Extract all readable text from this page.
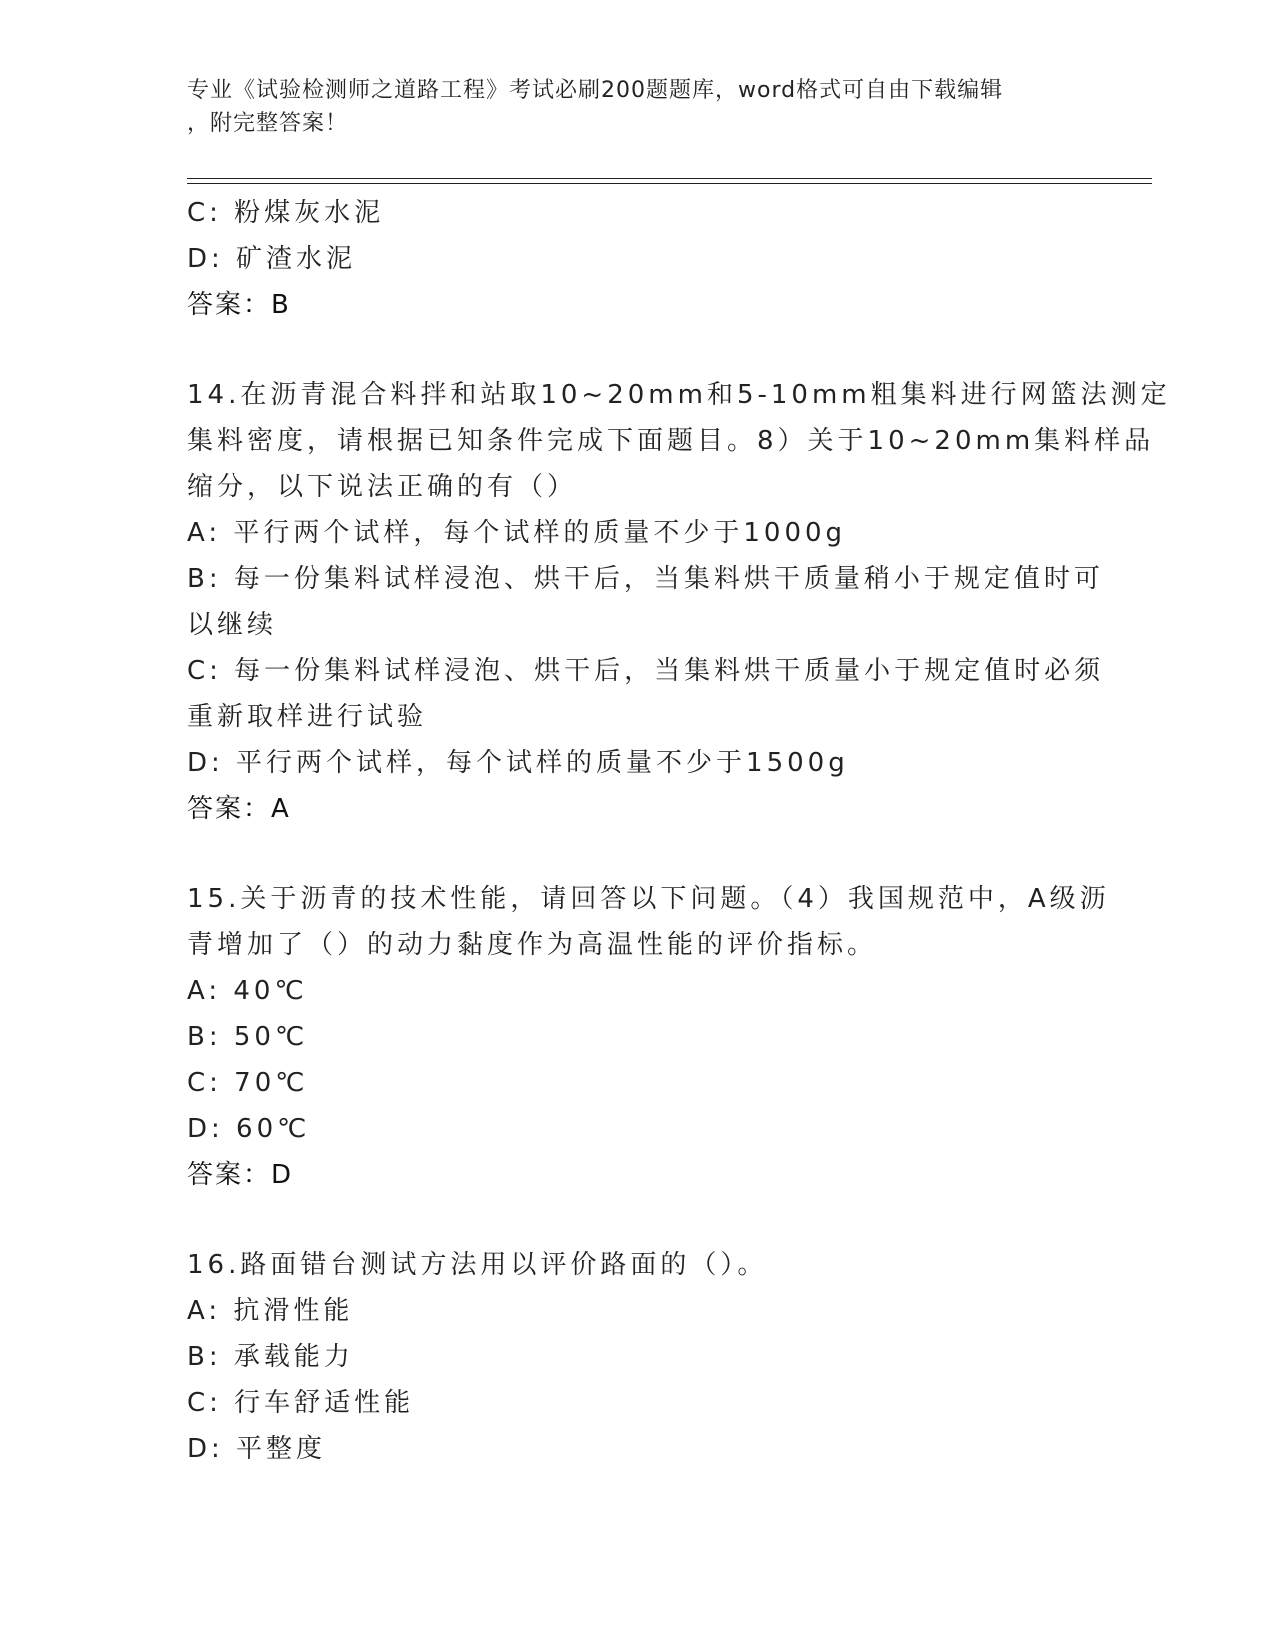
专业《试验检测师之道路工程》考试必刷200题题库，word格式可自由下载编辑
，附完整答案！
C: 粉煤灰水泥
D: 矿渣水泥
答案：B
14.在沥青混合料拌和站取10~20mm和5-10mm粗集料进行网篮法测定
集料密度，请根据已知条件完成下面题目。8）关于10~20mm集料样品
缩分，以下说法正确的有（）
A: 平行两个试样，每个试样的质量不少于1000g
B: 每一份集料试样浸泡、烘干后，当集料烘干质量稍小于规定值时可
以继续
C: 每一份集料试样浸泡、烘干后，当集料烘干质量小于规定值时必须
重新取样进行试验
D: 平行两个试样，每个试样的质量不少于1500g
答案：A
15.关于沥青的技术性能，请回答以下问题。（4）我国规范中，A级沥
青增加了（）的动力黏度作为高温性能的评价指标。
A: 40℃
B: 50℃
C: 70℃
D: 60℃
答案：D
16.路面错台测试方法用以评价路面的（）。
A: 抗滑性能
B: 承载能力
C: 行车舒适性能
D: 平整度
